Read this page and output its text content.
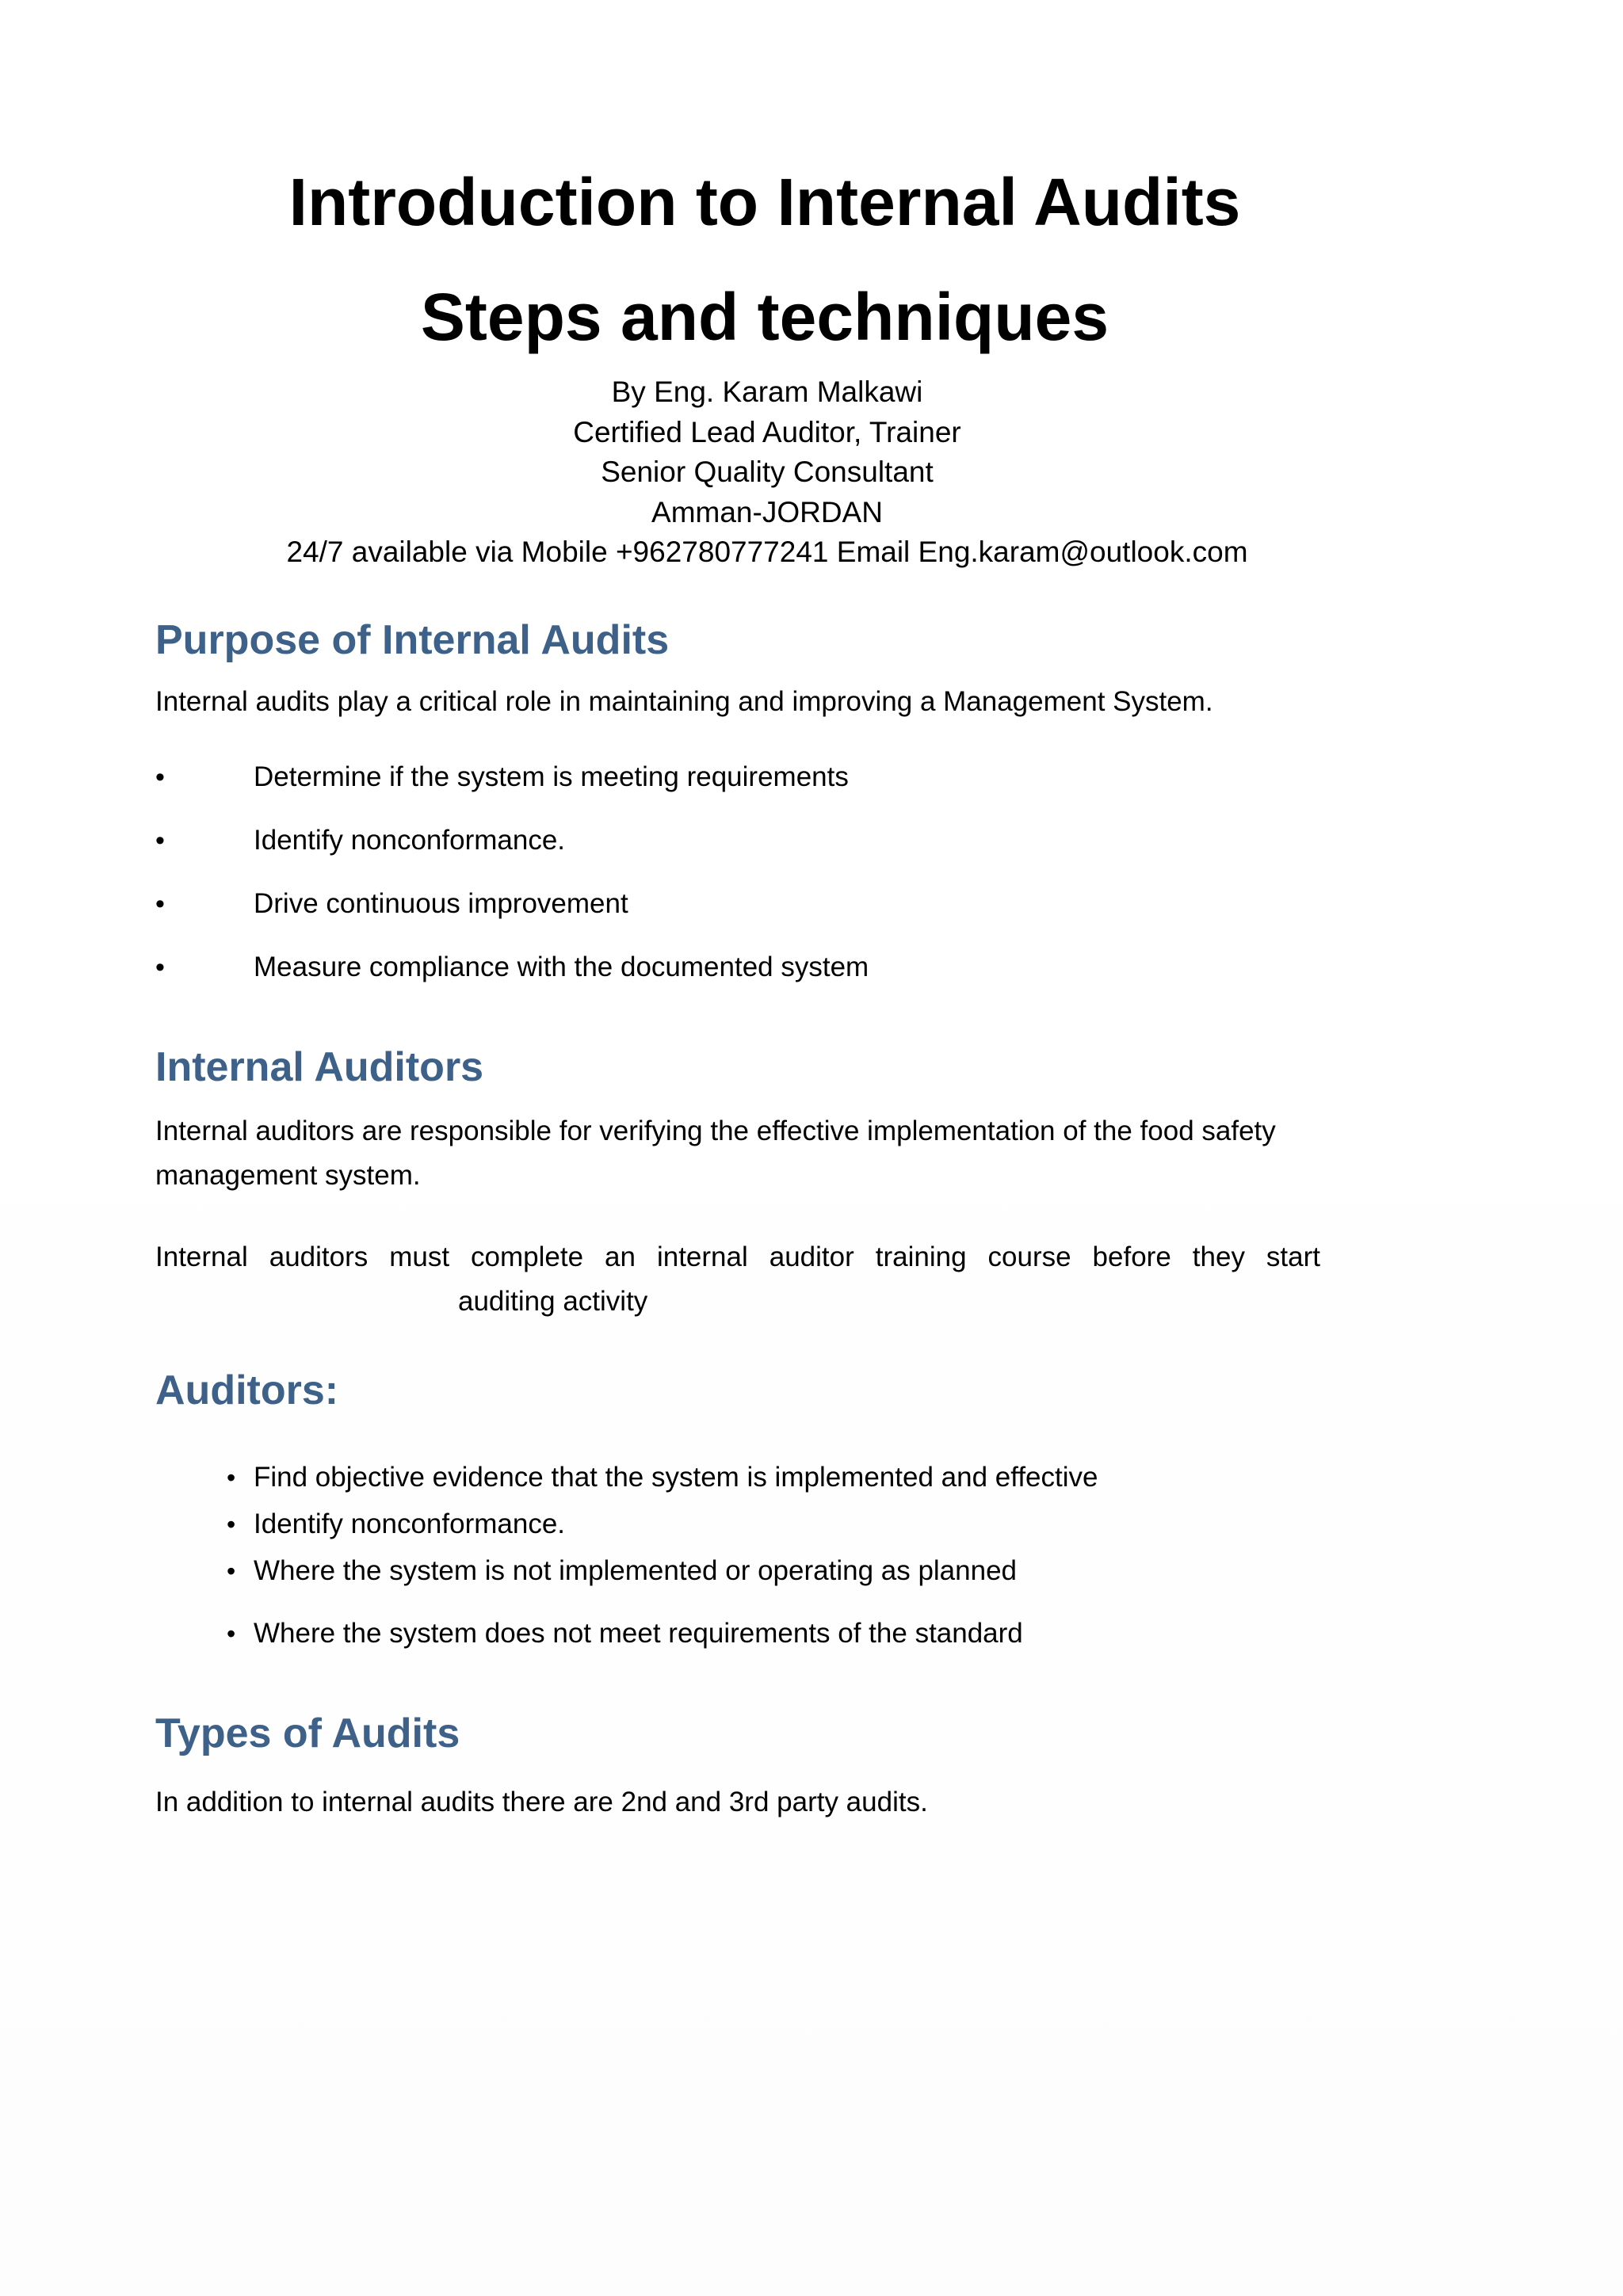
Introduction to Internal Audits
Steps and techniques
By Eng. Karam Malkawi
Certified Lead Auditor, Trainer
Senior Quality Consultant
Amman-JORDAN
24/7 available via Mobile +962780777241 Email Eng.karam@outlook.com
Purpose of Internal Audits

Internal audits play a critical role in maintaining and improving a Management System.

•	Determine if the system is meeting requirements
•	Identify nonconformance.
•	Drive continuous improvement
•	Measure compliance with the documented system
Internal Auditors

Internal auditors are responsible for verifying the effective implementation of the food safety

management system.

Internal auditors must complete an internal auditor training course before they start

auditing activity

Auditors:
• Find objective evidence that the system is implemented and effective
• Identify nonconformance.
• Where the system is not implemented or operating as planned
• Where the system does not meet requirements of the standard
Types of Audits

In addition to internal audits there are 2nd and 3rd party audits.
